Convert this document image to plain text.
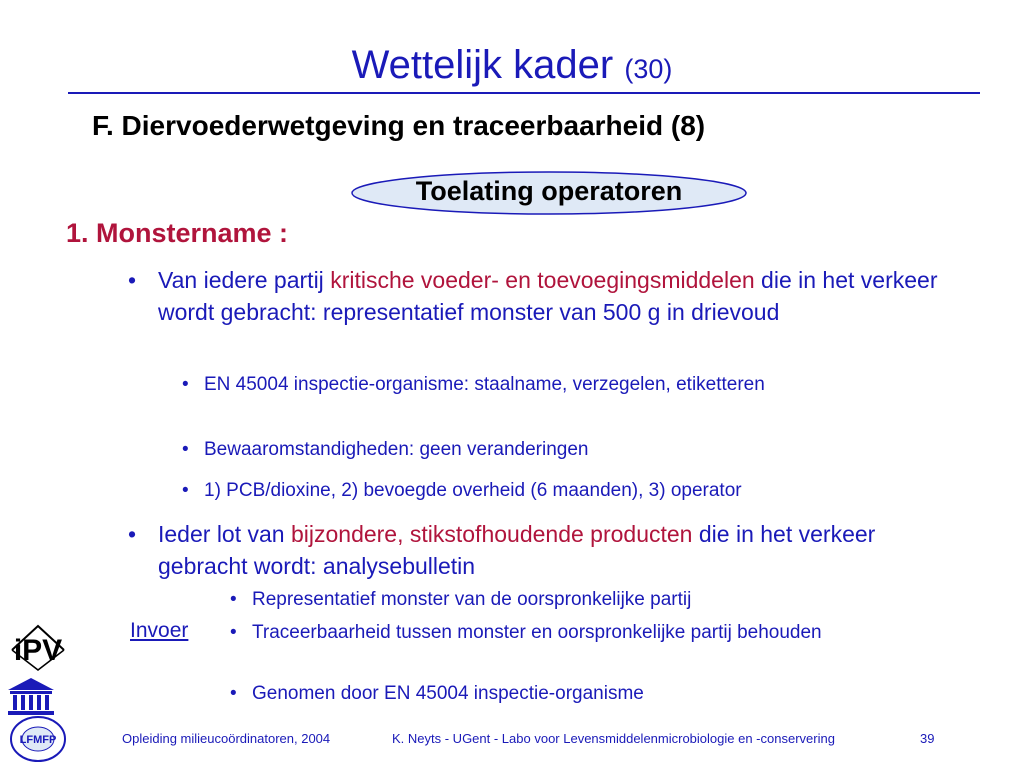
Wettelijk kader (30)
F. Diervoederwetgeving en traceerbaarheid (8)
Toelating operatoren
1. Monstername :
• Van iedere partij kritische voeder- en toevoegingsmiddelen die in het verkeer wordt gebracht: representatief monster van 500 g in drievoud
• EN 45004 inspectie-organisme: staalname, verzegelen, etiketteren
• Bewaaromstandigheden: geen veranderingen
• 1) PCB/dioxine, 2) bevoegde overheid (6 maanden), 3) operator
• Ieder lot van bijzondere, stikstofhoudende producten die in het verkeer gebracht wordt: analysebulletin
Invoer
• Representatief monster van de oorspronkelijke partij
• Traceerbaarheid tussen monster en oorspronkelijke partij behouden
• Genomen door EN 45004 inspectie-organisme
iPV
LFMFP	Opleiding milieucoördinatoren, 2004	K. Neyts - UGent - Labo voor Levensmiddelenmicrobiologie en -conservering	39
